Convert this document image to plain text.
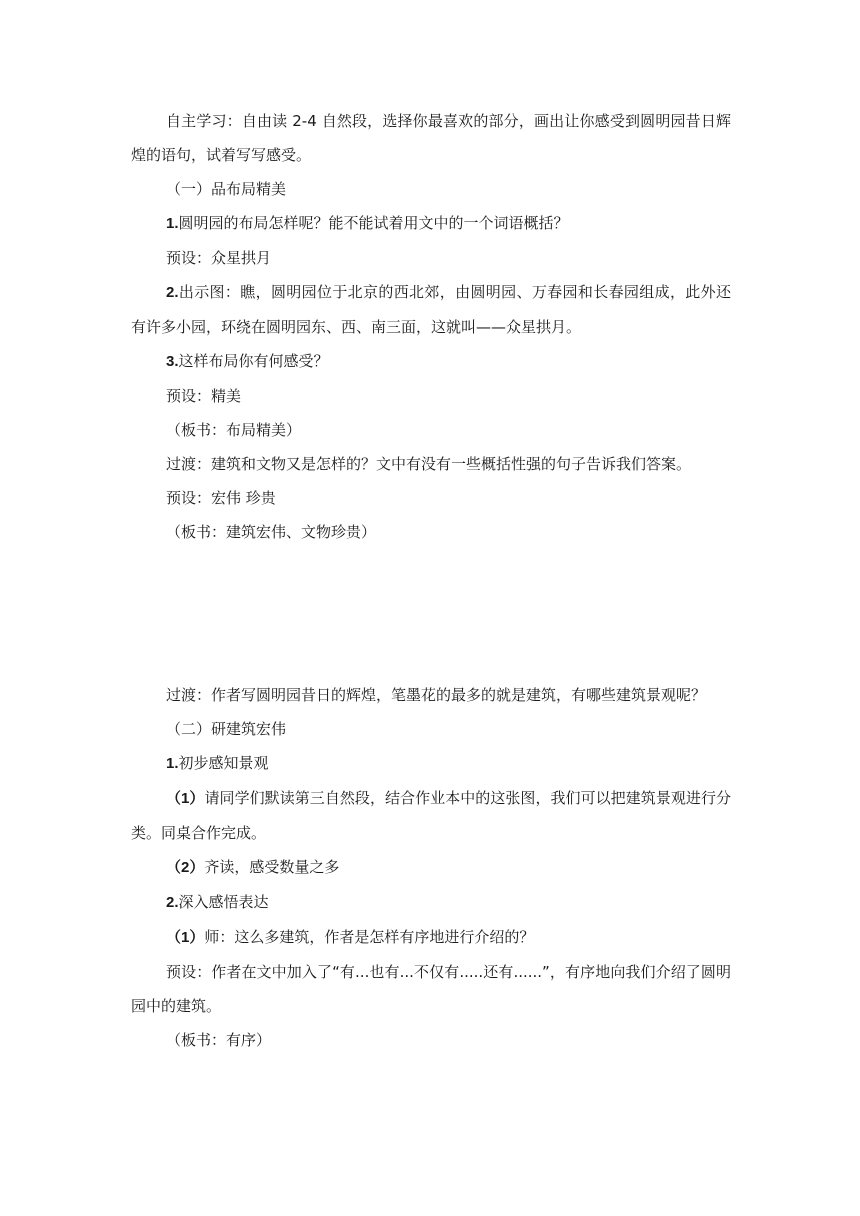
自主学习：自由读 2-4 自然段，选择你最喜欢的部分，画出让你感受到圆明园昔日辉煌的语句，试着写写感受。

（一）品布局精美

1.圆明园的布局怎样呢？能不能试着用文中的一个词语概括？

预设：众星拱月

2.出示图：瞧，圆明园位于北京的西北郊，由圆明园、万春园和长春园组成，此外还有许多小园，环绕在圆明园东、西、南三面，这就叫——众星拱月。

3.这样布局你有何感受？

预设：精美

（板书：布局精美）

过渡：建筑和文物又是怎样的？文中有没有一些概括性强的句子告诉我们答案。

预设：宏伟 珍贵

（板书：建筑宏伟、文物珍贵）

过渡：作者写圆明园昔日的辉煌，笔墨花的最多的就是建筑，有哪些建筑景观呢？

（二）研建筑宏伟

1.初步感知景观

（1）请同学们默读第三自然段，结合作业本中的这张图，我们可以把建筑景观进行分类。同桌合作完成。

（2）齐读，感受数量之多

2.深入感悟表达

（1）师：这么多建筑，作者是怎样有序地进行介绍的？

预设：作者在文中加入了“有...也有...不仅有.....还有......”，有序地向我们介绍了圆明园中的建筑。

（板书：有序）
